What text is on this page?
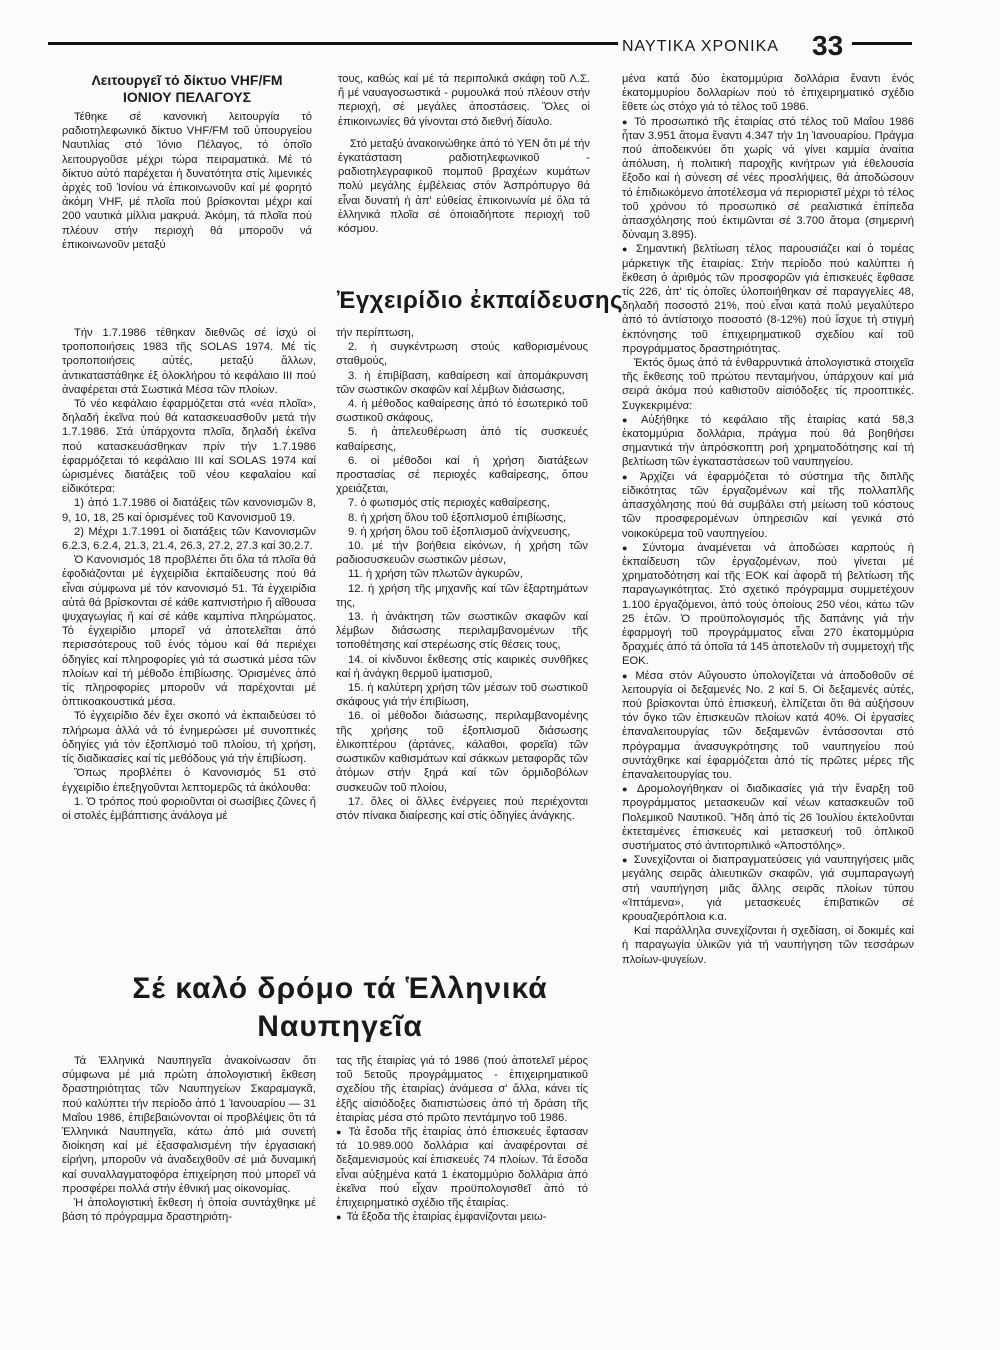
ΝΑΥΤΙΚΑ ΧΡΟΝΙΚΑ 33
Λειτουργεῖ τό δίκτυο VHF/FM
ΙΟΝΙΟΥ ΠΕΛΑΓΟΥΣ

Τέθηκε σέ κανονική λειτουργία τό ραδιοτηλεφωνικό δίκτυο VHF/FM τοῦ ὑπουργείου Ναυτιλίας στό Ἰόνιο Πέλαγος, τό ὁποῖο λειτουργοῦσε μέχρι τώρα πειραματικά. Μέ τό δίκτυο αὐτό παρέχεται ἡ δυνατότητα στίς λιμενικές ἀρχές τοῦ Ἰονίου νά ἐπικοινωνοῦν καί μέ φορητό ἀκόμη VHF, μέ πλοῖα πού βρίσκονται μέχρι καί 200 ναυτικά μίλλια μακρυά. Ἀκόμη, τά πλοῖα πού πλέουν στήν περιοχή θά μποροῦν νά ἐπικοινωνοῦν μεταξύ

τους, καθώς καί μέ τά περιπολικά σκάφη τοῦ Λ.Σ. ἤ μέ ναυαγοσωστικά - ρυμουλκά πού πλέουν στήν περιοχή, σέ μεγάλες ἀποστάσεις. Ὅλες οἱ ἐπικοινωνίες θά γίνονται στό διεθνή δίαυλο.

Στό μεταξύ ἀνακοινώθηκε ἀπό τό ΥΕΝ ὅτι μέ τήν ἐγκατάσταση ραδιοτηλεφωνικοῦ - ραδιοτηλεγραφικοῦ πομποῦ βραχέων κυμάτων πολύ μεγάλης ἐμβέλειας στόν Ἀσπρόπυργο θά εἶναι δυνατή ἡ ἀπ' εὐθείας ἐπικοινωνία μέ ὅλα τά ἑλληνικά πλοῖα σέ ὁποιαδήποτε περιοχή τοῦ κόσμου.

Ἐγχειρίδιο ἐκπαίδευσης

Τήν 1.7.1986 τέθηκαν διεθνῶς σέ ἰσχύ οἱ τροποποιήσεις 1983 τῆς SOLAS 1974. Μέ τίς τροποποιήσεις αὐτές, μεταξύ ἄλλων, ἀντικαταστάθηκε ἐξ ὁλοκλήρου τό κεφάλαιο III πού ἀναφέρεται στά Σωστικά Μέσα τῶν πλοίων.

Τό νέο κεφάλαιο ἐφαρμόζεται στά «νέα πλοῖα», δηλαδή ἐκεῖνα πού θά κατασκευασθοῦν μετά τήν 1.7.1986. Στά ὑπάρχοντα πλοῖα, δηλαδή ἐκεῖνα πού κατασκευάσθηκαν πρίν τήν 1.7.1986 ἐφαρμόζεται τό κεφάλαιο III καί SOLAS 1974 καί ὡρισμένες διατάξεις τοῦ νέου κεφαλαίου καί εἰδικότερα:

1) ἀπό 1.7.1986 οἱ διατάξεις τῶν κανονισμῶν 8, 9, 10, 18, 25 καί ὁρισμένες τοῦ Κανονισμοῦ 19.

2) Μέχρι 1.7.1991 οἱ διατάξεις τῶν Κανονισμῶν 6.2.3, 6.2.4, 21.3, 21.4, 26.3, 27.2, 27.3 καί 30.2.7.

Ὁ Κανονισμός 18 προβλέπει ὅτι ὅλα τά πλοῖα θά ἐφοδιάζονται μέ ἐγχειρίδια ἐκπαίδευσης πού θά εἶναι σύμφωνα μέ τόν κανονισμό 51. Τά ἐγχειρίδια αὐτά θά βρίσκονται σέ κάθε καπνιστήριο ἤ αἴθουσα ψυχαγωγίας ἤ καί σέ κάθε καμπίνα πληρώματος. Τό ἐγχειρίδιο μπορεῖ νά ἀποτελεῖται ἀπό περισσότερους τοῦ ἑνός τόμου καί θά περιέχει ὁδηγίες καί πληροφορίες γιά τά σωστικά μέσα τῶν πλοίων καί τή μέθοδο ἐπιβίωσης. Ὁρισμένες ἀπό τίς πληροφορίες μποροῦν νά παρέχονται μέ ὀπτικοακουστικά μέσα.

Τό ἐγχειρίδιο δέν ἔχει σκοπό νά ἐκπαιδεύσει τό πλήρωμα ἀλλά νά τό ἐνημερώσει μέ συνοπτικές ὁδηγίες γιά τόν ἐξοπλισμό τοῦ πλοίου, τή χρήση, τίς διαδικασίες καί τίς μεθόδους γιά τήν ἐπιβίωση.

Ὅπως προβλέπει ὁ Κανονισμός 51 στό ἐγχειρίδιο ἐπεξηγοῦνται λεπτομερῶς τά ἀκόλουθα:

1. Ὁ τρόπος πού φοριοῦνται οἱ σωσίβιες ζῶνες ἤ οἱ στολές ἐμβάπτισης ἀνάλογα μέ

τήν περίπτωση,

2. ἡ συγκέντρωση στούς καθορισμένους σταθμούς,

3. ἡ ἐπιβίβαση, καθαίρεση καί ἀπομάκρυνση τῶν σωστικῶν σκαφῶν καί λέμβων διάσωσης,

4. ἡ μέθοδος καθαίρεσης ἀπό τό ἐσωτερικό τοῦ σωστικοῦ σκάφους,

5. ἡ ἀπελευθέρωση ἀπό τίς συσκευές καθαίρεσης,

6. οἱ μέθοδοι καί ἡ χρήση διατάξεων προστασίας σέ περιοχές καθαίρεσης, ὅπου χρειάζεται,

7. ὁ φωτισμός στίς περιοχές καθαίρεσης,

8. ἡ χρήση ὅλου τοῦ ἐξοπλισμοῦ ἐπιβίωσης,

9. ἡ χρήση ὅλου τοῦ ἐξοπλισμοῦ ἀνίχνευσης,

10. μέ τήν βοήθεια εἰκόνων, ἡ χρήση τῶν ραδιοσυσκευῶν σωστικῶν μέσων,

11. ἡ χρήση τῶν πλωτῶν ἀγκυρῶν,

12. ἡ χρήση τῆς μηχανῆς καί τῶν ἐξαρτημάτων της,

13. ἡ ἀνάκτηση τῶν σωστικῶν σκαφῶν καί λέμβων διάσωσης περιλαμβανομένων τῆς τοποθέτησης καί στερέωσης στίς θέσεις τους,

14. οἱ κίνδυνοι ἔκθεσης στίς καιρικές συνθῆκες καί ἡ ἀνάγκη θερμοῦ ἱματισμοῦ,

15. ἡ καλύτερη χρήση τῶν μέσων τοῦ σωστικοῦ σκάφους γιά τήν ἐπιβίωση,

16. οἱ μέθοδοι διάσωσης, περιλαμβανομένης τῆς χρήσης τοῦ ἐξοπλισμοῦ διάσωσης ἑλικοπτέρου (ἀρτάνες, κάλαθοι, φορεῖα) τῶν σωστικῶν καθισμάτων καί σάκκων μεταφορᾶς τῶν ἀτόμων στήν ξηρά καί τῶν ὁρμιδοβόλων συσκευῶν τοῦ πλοίου,

17. ὅλες οἱ ἄλλες ἐνέργειες πού περιέχονται στόν πίνακα διαίρεσης καί στίς ὁδηγίες ἀνάγκης.

Σέ καλό δρόμο τά Ἑλληνικά
Ναυπηγεῖα

Τά Ἑλληνικά Ναυπηγεῖα ἀνακοίνωσαν ὅτι σύμφωνα μέ μιά πρώτη ἀπολογιστική ἔκθεση δραστηριότητας τῶν Ναυπηγείων Σκαραμαγκᾶ, πού καλύπτει τήν περίοδο ἀπό 1 Ἰανουαρίου — 31 Μαΐου 1986, ἐπιβεβαιώνονται οἱ προβλέψεις ὅτι τά Ἑλληνικά Ναυπηγεῖα, κάτω ἀπό μιά συνετή διοίκηση καί μέ ἐξασφαλισμένη τήν ἐργασιακή εἰρήνη, μποροῦν νά ἀναδειχθοῦν σέ μιά δυναμική καί συναλλαγματοφόρα ἐπιχείρηση πού μπορεῖ νά προσφέρει πολλά στήν ἐθνική μας οἰκονομίας.

Ἡ ἀπολογιστική ἔκθεση ἡ ὁποία συντάχθηκε μέ βάση τό πρόγραμμα δραστηριότη-

τας τῆς ἑταιρίας γιά τό 1986 (πού ἀποτελεῖ μέρος τοῦ 5ετοῦς προγράμματος - ἐπιχειρηματικοῦ σχεδίου τῆς ἑταιρίας) ἀνάμεσα σ' ἄλλα, κάνει τίς ἐξῆς αἰσιόδοξες διαπιστώσεις ἀπό τή δράση τῆς ἑταιρίας μέσα στό πρῶτο πεντάμηνο τοῦ 1986.

● Τά ἔσοδα τῆς ἑταιρίας ἀπό ἐπισκευές ἔφτασαν τά 10.989.000 δολλάρια καί ἀναφέρονται σέ δεξαμενισμούς καί ἐπισκευές 74 πλοίων. Τά ἔσοδα εἶναι αὐξημένα κατά 1 ἑκατομμύριο δολλάρια ἀπό ἐκεῖνα πού εἶχαν προϋπολογισθεῖ ἀπό τό ἐπιχειρηματικό σχέδιο τῆς ἑταιρίας.

● Τά ἔξοδα τῆς ἑταιρίας ἐμφανίζονται μειω-

μένα κατά δύο ἑκατομμύρια δολλάρια ἔναντι ἑνός ἑκατομμυρίου δολλαρίων πού τό ἐπιχειρηματικό σχέδιο ἔθετε ὡς στόχο γιά τό τέλος τοῦ 1986.

● Τό προσωπικό τῆς ἑταιρίας στό τέλος τοῦ Μαΐου 1986 ἦταν 3.951 ἄτομα ἔναντι 4.347 τήν 1η Ἰανουαρίου. Πράγμα πού ἀποδεικνύει ὅτι χωρίς νά γίνει καμμία ἀναίτια ἀπόλυση, ἡ πολιτική παροχῆς κινήτρων γιά ἐθελουσία ἔξοδο καί ἡ σύνεση σέ νέες προσλήψεις, θά ἀποδώσουν τό ἐπιδιωκόμενο ἀποτέλεσμα νά περιοριστεῖ μέχρι τό τέλος τοῦ χρόνου τό προσωπικό σέ ρεαλιστικά ἐπίπεδα ἀπασχόλησης πού ἐκτιμῶνται σέ 3.700 ἄτομα (σημερινή δύναμη 3.895).

● Σημαντική βελτίωση τέλος παρουσιάζει καί ὁ τομέας μάρκετιγκ τῆς ἑταιρίας. Στήν περίοδο πού καλύπτει ἡ ἔκθεση ὁ ἀριθμός τῶν προσφορῶν γιά ἐπισκευές ἔφθασε τίς 226, ἀπ' τίς ὁποῖες ὑλοποιήθηκαν σέ παραγγελίες 48, δηλαδή ποσοστό 21%, πού εἶναι κατά πολύ μεγαλύτερο ἀπό τό ἀντίστοιχο ποσοστό (8-12%) πού ἴσχυε τή στιγμή ἐκπόνησης τοῦ ἐπιχειρηματικοῦ σχεδίου καί τοῦ προγράμματος δραστηριότητας.

Ἐκτός ὅμως ἀπό τά ἐνθαρρυντικά ἀπολογιστικά στοιχεῖα τῆς ἔκθεσης τοῦ πρώτου πενταμήνου, ὑπάρχουν καί μιά σειρά ἀκόμα πού καθιστοῦν αἰσιόδοξες τίς προοπτικές. Συγκεκριμένα:

● Αὐξήθηκε τό κεφάλαιο τῆς ἑταιρίας κατά 58,3 ἑκατομμύρια δολλάρια, πράγμα πού θά βοηθήσει σημαντικά τήν ἀπρόσκοπτη ροή χρηματοδότησης καί τή βελτίωση τῶν ἐγκαταστάσεων τοῦ ναυπηγείου.

● Ἀρχίζει νά ἐφαρμόζεται τό σύστημα τῆς διπλῆς εἰδικότητας τῶν ἐργαζομένων καί τῆς πολλαπλῆς ἀπασχόλησης πού θά συμβάλει στή μείωση τοῦ κόστους τῶν προσφερομένων ὑπηρεσιῶν καί γενικά στό νοικοκύρεμα τοῦ ναυπηγείου.

● Σύντομα ἀναμένεται νά ἀποδώσει καρπούς ἡ ἐκπαίδευση τῶν ἐργαζομένων, πού γίνεται μέ χρηματοδότηση καί τῆς ΕΟΚ καί ἀφορᾶ τή βελτίωση τῆς παραγωγικότητας. Στό σχετικό πρόγραμμα συμμετέχουν 1.100 ἐργαζόμενοι, ἀπό τούς ὁποίους 250 νέοι, κάτω τῶν 25 ἐτῶν. Ὁ προϋπολογισμός τῆς δαπάνης γιά τήν ἐφαρμογή τοῦ προγράμματος εἶναι 270 ἑκατομμύρια δραχμές ἀπό τά ὁποῖα τά 145 ἀποτελοῦν τή συμμετοχή τῆς ΕΟΚ.

● Μέσα στόν Αὔγουστο ὑπολογίζεται νά ἀποδοθοῦν σέ λειτουργία οἱ δεξαμενές No. 2 καί 5. Οἱ δεξαμενές αὐτές, πού βρίσκονται ὑπό ἐπισκευή, ἐλπίζεται ὅτι θά αὐξήσουν τόν ὄγκο τῶν ἐπισκευῶν πλοίων κατά 40%. Οἱ ἐργασίες ἐπαναλειτουργίας τῶν δεξαμενῶν ἐντάσσονται στό πρόγραμμα ἀνασυγκρότησης τοῦ ναυπηγείου πού συντάχθηκε καί ἐφαρμόζεται ἀπό τίς πρῶτες μέρες τῆς ἐπαναλειτουργίας του.

● Δρομολογήθηκαν οἱ διαδικασίες γιά τήν ἔναρξη τοῦ προγράμματος μετασκευῶν καί νέων κατασκευῶν τοῦ Πολεμικοῦ Ναυτικοῦ. Ἤδη ἀπό τίς 26 Ἰουλίου ἐκτελοῦνται ἐκτεταμένες ἐπισκευές καί μετασκευή τοῦ ὁπλικοῦ συστήματος στό ἀντιτορπιλικό «Ἀποστόλης».

● Συνεχίζονται οἱ διαπραγματεύσεις γιά ναυπηγήσεις μιᾶς μεγάλης σειρᾶς ἁλιευτικῶν σκαφῶν, γιά συμπαραγωγή στή ναυπήγηση μιᾶς ἄλλης σειρᾶς πλοίων τύπου «Ἱπτάμενα», γιά μετασκευές ἐπιβατικῶν σέ κρουαζιερόπλοια κ.α.

Καί παράλληλα συνεχίζονται ἡ σχεδίαση, οἱ δοκιμές καί ἡ παραγωγία ὑλικῶν γιά τή ναυπήγηση τῶν τεσσάρων πλοίων-ψυγείων.
